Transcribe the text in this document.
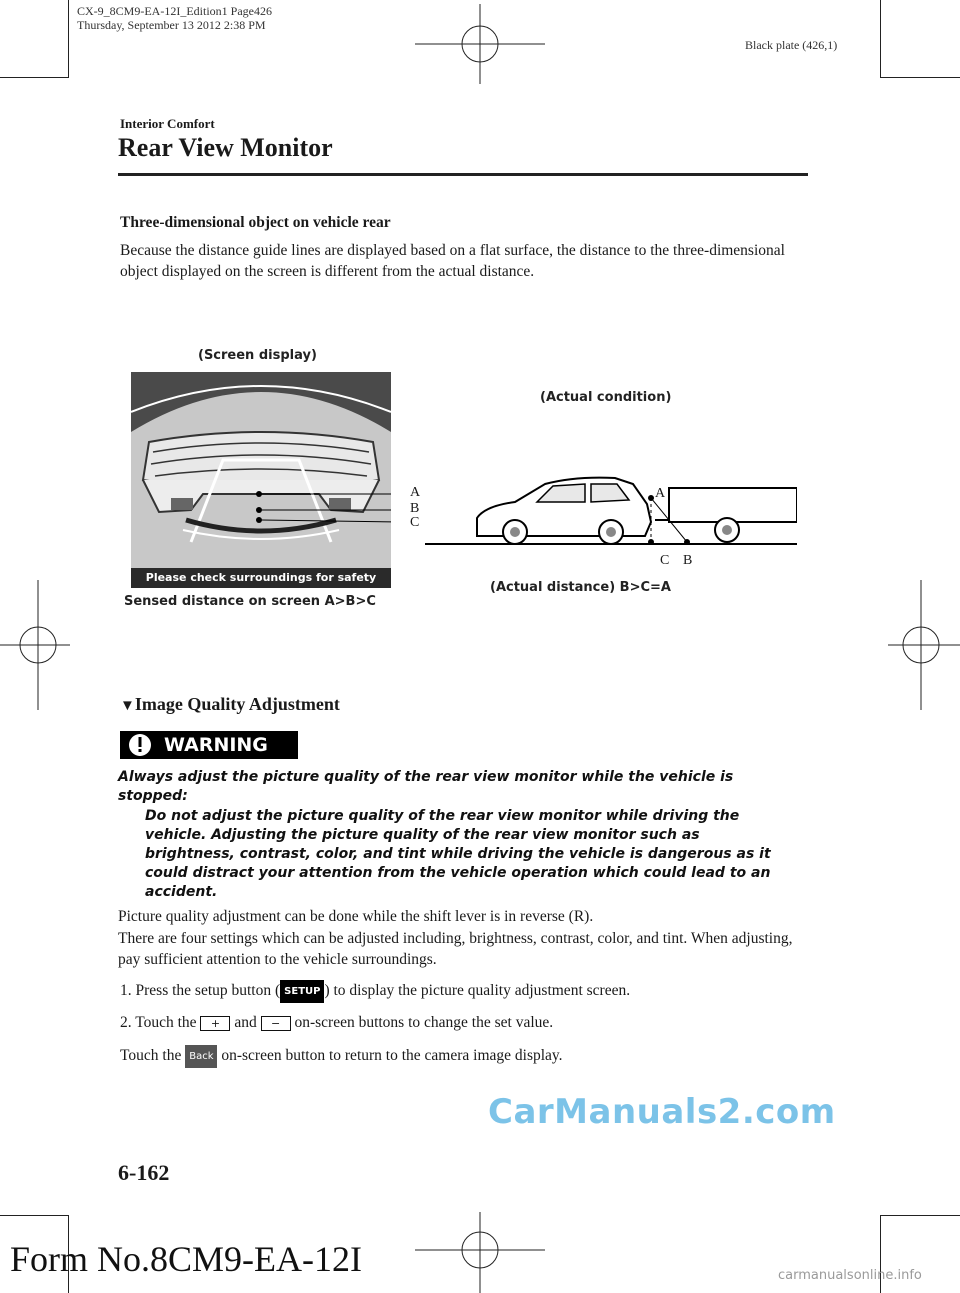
CX-9_8CM9-EA-12I_Edition1 Page426
Thursday, September 13 2012 2:38 PM
Black plate (426,1)
Interior Comfort
Rear View Monitor
Three-dimensional object on vehicle rear
Because the distance guide lines are displayed based on a flat surface, the distance to the three-dimensional object displayed on the screen is different from the actual distance.
(Screen display)
(Actual condition)
Please check surroundings for safety
A
B
C
Sensed distance on screen A>B>C
A
C B
(Actual distance) B>C=A
▼Image Quality Adjustment
WARNING
Always adjust the picture quality of the rear view monitor while the vehicle is stopped:
Do not adjust the picture quality of the rear view monitor while driving the vehicle. Adjusting the picture quality of the rear view monitor such as brightness, contrast, color, and tint while driving the vehicle is dangerous as it could distract your attention from the vehicle operation which could lead to an accident.
Picture quality adjustment can be done while the shift lever is in reverse (R).
There are four settings which can be adjusted including, brightness, contrast, color, and tint. When adjusting, pay sufficient attention to the vehicle surroundings.
1. Press the setup button ( SETUP ) to display the picture quality adjustment screen.
2. Touch the + and − on-screen buttons to change the set value.
Touch the Back on-screen button to return to the camera image display.
CarManuals2.com
6-162
Form No.8CM9-EA-12I	carmanualsonline.info
